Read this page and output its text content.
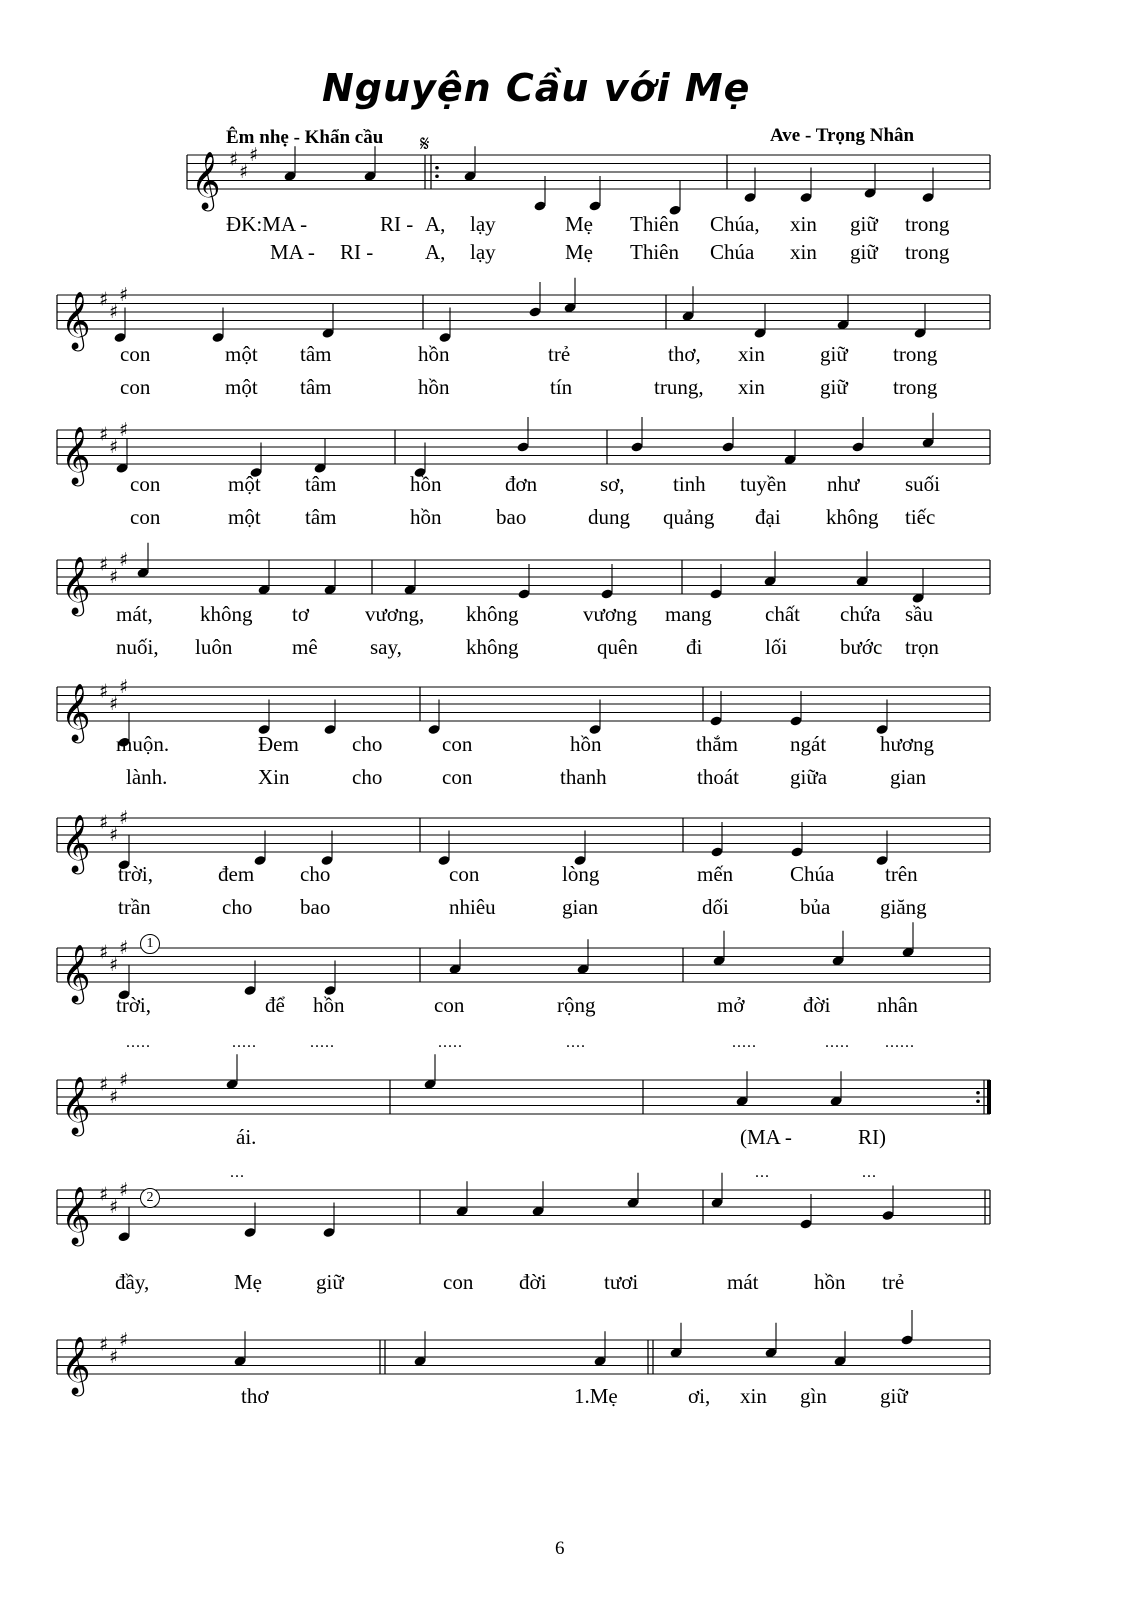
Nguyện Cầu với Mẹ
Êm nhẹ - Khẩn cầu	Ave - Trọng Nhân
𝄋
𝄞 ♯
♯
♯
𝄞 ♯
♯
♯
𝄞 ♯
♯
♯
𝄞 ♯
♯
♯
𝄞 ♯
♯
♯
𝄞 ♯
♯
♯
𝄞 ♯
♯
♯
𝄞 ♯
♯
♯
𝄞 ♯
♯
♯
𝄞 ♯
♯
♯
1
2
ĐK:MA -	RI - A, lạy	Mẹ Thiên Chúa, xin giữ trong
MA - RI - A, lạy	Mẹ Thiên Chúa xin giữ trong
con	một tâm	hồn	trẻ	thơ, xin	giữ trong
con	một tâm	hồn	tín	trung, xin	giữ trong
con	một tâm	hồn	đơn	sơ, tinh tuyền như suối
con	một tâm	hồn	bao	dung quảng đại không tiếc
mát, không tơ	vương, không	vương mang	chất chứa sầu
nuối, luôn	mê say,	không	quên đi	lối	bước trọn
muộn.	Đem	cho	con	hồn	thắm ngát	hương
lành.	Xin	cho	con	thanh	thoát giữa	gian
trời,	đem cho	con	lòng	mến	Chúa trên
trần	cho bao	nhiêu	gian	dối	bủa giăng
trời,	để hồn	con	rộng	mở	đời nhân
.....	.....	.....	.....	....	.....	..... ......
ái.	(MA -	RI)
...	...	...
đầy,	Mẹ	giữ	con đời	tươi	mát	hồn trẻ
thơ	1.Mẹ	ơi, xin gìn	giữ
6
